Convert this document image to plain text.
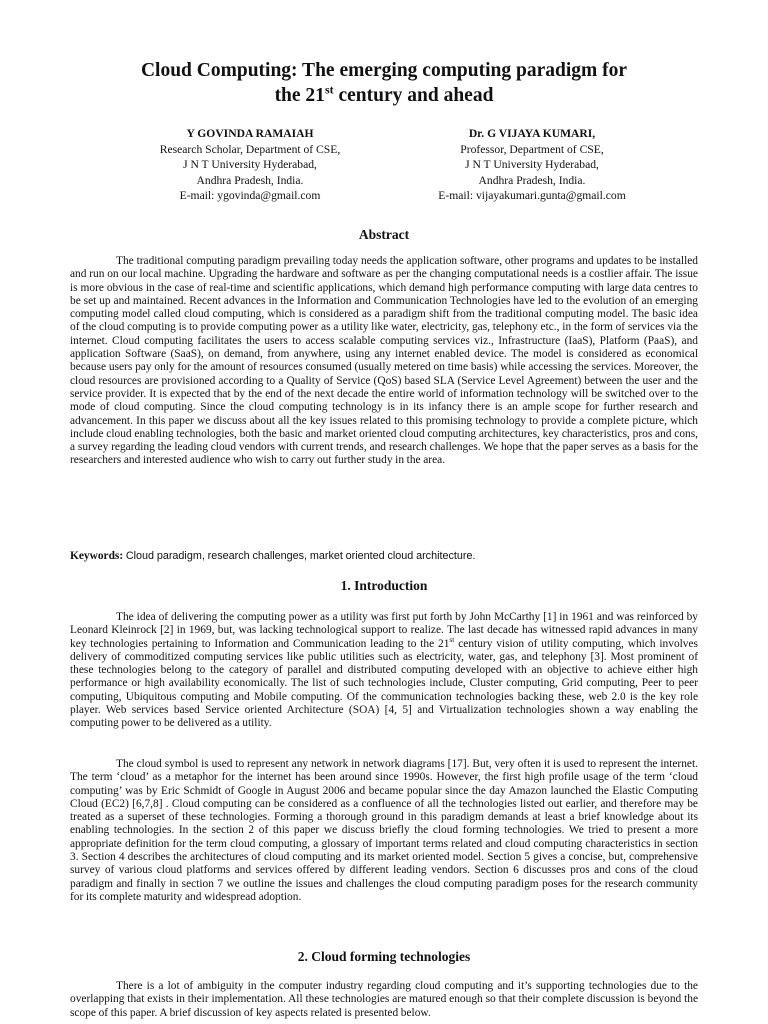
Cloud Computing: The emerging computing paradigm for
the 21st century and ahead
Y GOVINDA RAMAIAH
Research Scholar, Department of CSE,
J N T University Hyderabad,
Andhra Pradesh, India.
E-mail: ygovinda@gmail.com
Dr. G VIJAYA KUMARI,
Professor, Department of CSE,
J N T University Hyderabad,
Andhra Pradesh, India.
E-mail: vijayakumari.gunta@gmail.com
Abstract

The traditional computing paradigm prevailing today needs the application software, other programs and updates to be installed and run on our local machine. Upgrading the hardware and software as per the changing computational needs is a costlier affair. The issue is more obvious in the case of real-time and scientific applications, which demand high performance computing with large data centres to be set up and maintained. Recent advances in the Information and Communication Technologies have led to the evolution of an emerging computing model called cloud computing, which is considered as a paradigm shift from the traditional computing model. The basic idea of the cloud computing is to provide computing power as a utility like water, electricity, gas, telephony etc., in the form of services via the internet. Cloud computing facilitates the users to access scalable computing services viz., Infrastructure (IaaS), Platform (PaaS), and application Software (SaaS), on demand, from anywhere, using any internet enabled device. The model is considered as economical because users pay only for the amount of resources consumed (usually metered on time basis) while accessing the services. Moreover, the cloud resources are provisioned according to a Quality of Service (QoS) based SLA (Service Level Agreement) between the user and the service provider. It is expected that by the end of the next decade the entire world of information technology will be switched over to the mode of cloud computing. Since the cloud computing technology is in its infancy there is an ample scope for further research and advancement. In this paper we discuss about all the key issues related to this promising technology to provide a complete picture, which include cloud enabling technologies, both the basic and market oriented cloud computing architectures, key characteristics, pros and cons, a survey regarding the leading cloud vendors with current trends, and research challenges. We hope that the paper serves as a basis for the researchers and interested audience who wish to carry out further study in the area.

Keywords: Cloud paradigm, research challenges, market oriented cloud architecture.

1. Introduction

The idea of delivering the computing power as a utility was first put forth by John McCarthy [1] in 1961 and was reinforced by Leonard Kleinrock [2] in 1969, but, was lacking technological support to realize. The last decade has witnessed rapid advances in many key technologies pertaining to Information and Communication leading to the 21st century vision of utility computing, which involves delivery of commoditized computing services like public utilities such as electricity, water, gas, and telephony [3]. Most prominent of these technologies belong to the category of parallel and distributed computing developed with an objective to achieve either high performance or high availability economically. The list of such technologies include, Cluster computing, Grid computing, Peer to peer computing, Ubiquitous computing and Mobile computing. Of the communication technologies backing these, web 2.0 is the key role player. Web services based Service oriented Architecture (SOA) [4, 5] and Virtualization technologies shown a way enabling the computing power to be delivered as a utility.

The cloud symbol is used to represent any network in network diagrams [17]. But, very often it is used to represent the internet. The term ‘cloud’ as a metaphor for the internet has been around since 1990s. However, the first high profile usage of the term ‘cloud computing’ was by Eric Schmidt of Google in August 2006 and became popular since the day Amazon launched the Elastic Computing Cloud (EC2) [6,7,8] . Cloud computing can be considered as a confluence of all the technologies listed out earlier, and therefore may be treated as a superset of these technologies. Forming a thorough ground in this paradigm demands at least a brief knowledge about its enabling technologies. In the section 2 of this paper we discuss briefly the cloud forming technologies. We tried to present a more appropriate definition for the term cloud computing, a glossary of important terms related and cloud computing characteristics in section 3. Section 4 describes the architectures of cloud computing and its market oriented model. Section 5 gives a concise, but, comprehensive survey of various cloud platforms and services offered by different leading vendors. Section 6 discusses pros and cons of the cloud paradigm and finally in section 7 we outline the issues and challenges the cloud computing paradigm poses for the research community for its complete maturity and widespread adoption.

2. Cloud forming technologies

There is a lot of ambiguity in the computer industry regarding cloud computing and it’s supporting technologies due to the overlapping that exists in their implementation. All these technologies are matured enough so that their complete discussion is beyond the scope of this paper. A brief discussion of key aspects related is presented below.
